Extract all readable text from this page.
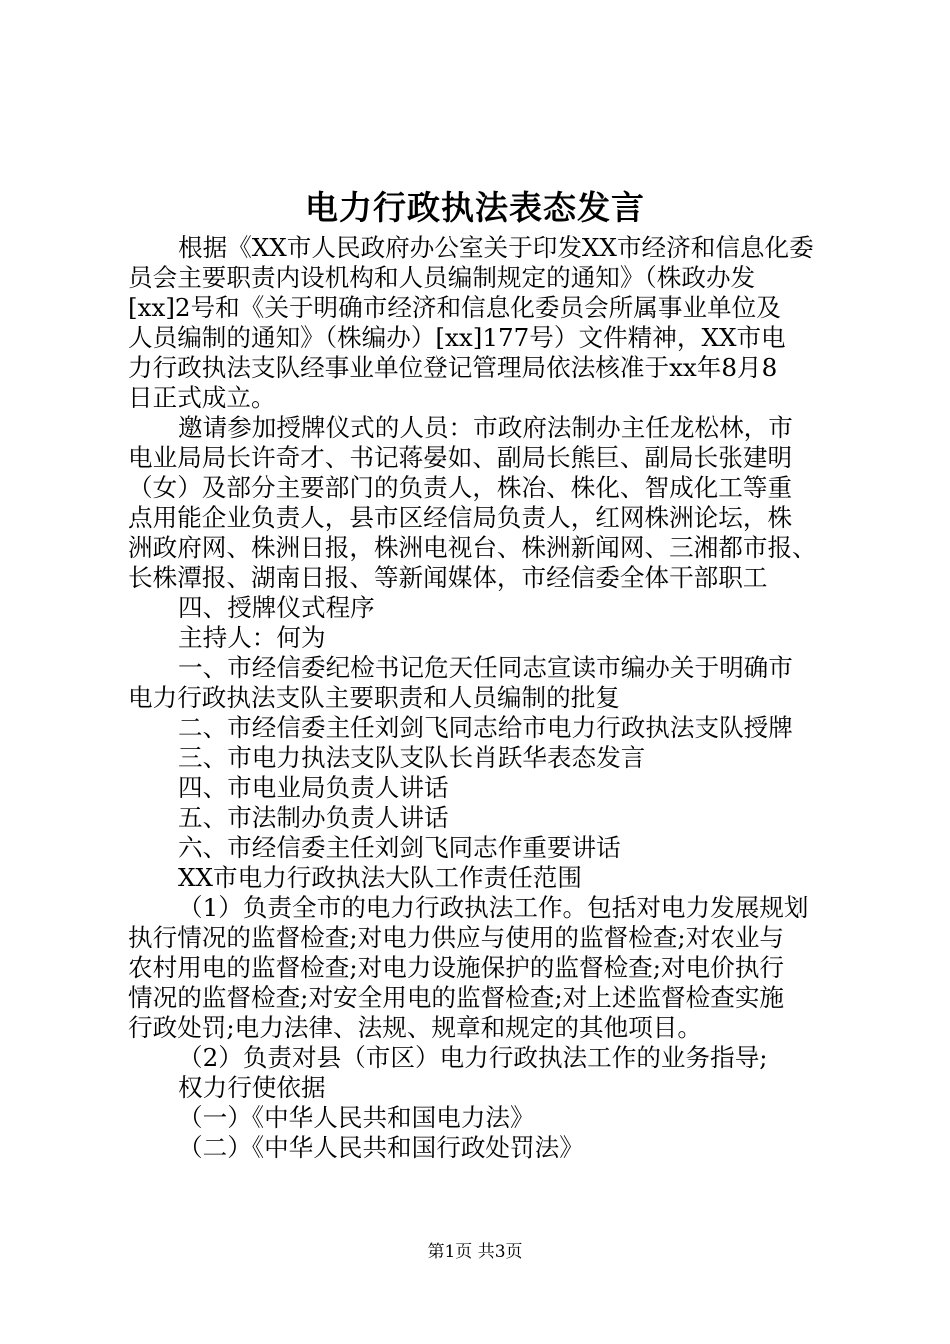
电力行政执法表态发言
根据《XX市人民政府办公室关于印发XX市经济和信息化委
员会主要职责内设机构和人员编制规定的通知》（株政办发
[xx]2号和《关于明确市经济和信息化委员会所属事业单位及
人员编制的通知》（株编办）[xx]177号）文件精神，XX市电
力行政执法支队经事业单位登记管理局依法核准于xx年8月8
日正式成立。
邀请参加授牌仪式的人员：市政府法制办主任龙松林，市
电业局局长许奇才、书记蒋晏如、副局长熊巨、副局长张建明
（女）及部分主要部门的负责人，株冶、株化、智成化工等重
点用能企业负责人，县市区经信局负责人，红网株洲论坛，株
洲政府网、株洲日报，株洲电视台、株洲新闻网、三湘都市报、
长株潭报、湖南日报、等新闻媒体，市经信委全体干部职工
四、授牌仪式程序
主持人：何为
一、市经信委纪检书记危天任同志宣读市编办关于明确市
电力行政执法支队主要职责和人员编制的批复
二、市经信委主任刘剑飞同志给市电力行政执法支队授牌
三、市电力执法支队支队长肖跃华表态发言
四、市电业局负责人讲话
五、市法制办负责人讲话
六、市经信委主任刘剑飞同志作重要讲话
XX市电力行政执法大队工作责任范围
（1）负责全市的电力行政执法工作。包括对电力发展规划
执行情况的监督检查;对电力供应与使用的监督检查;对农业与
农村用电的监督检查;对电力设施保护的监督检查;对电价执行
情况的监督检查;对安全用电的监督检查;对上述监督检查实施
行政处罚;电力法律、法规、规章和规定的其他项目。
（2）负责对县（市区）电力行政执法工作的业务指导;
权力行使依据
（一）《中华人民共和国电力法》
（二）《中华人民共和国行政处罚法》
第1页 共3页
